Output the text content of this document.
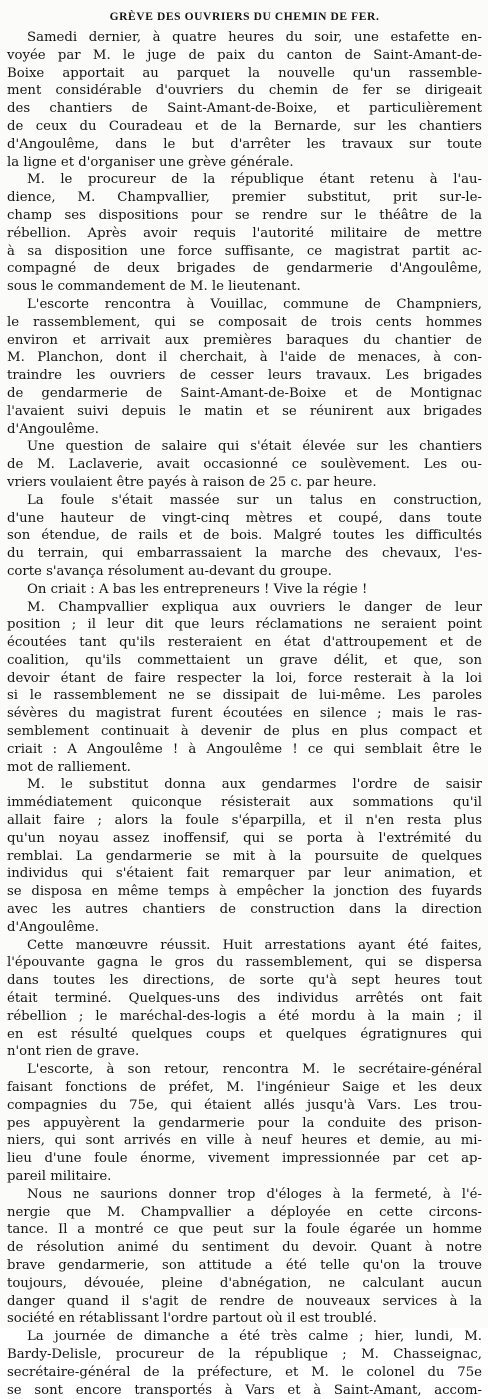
GRÈVE DES OUVRIERS DU CHEMIN DE FER.

Samedi dernier, à quatre heures du soir, une estafette en-
voyée par M. le juge de paix du canton de Saint-Amant-de-
Boixe apportait au parquet la nouvelle qu'un rassemble-
ment considérable d'ouvriers du chemin de fer se dirigeait
des chantiers de Saint-Amant-de-Boixe, et particulièrement
de ceux du Couradeau et de la Bernarde, sur les chantiers
d'Angoulême, dans le but d'arrêter les travaux sur toute
la ligne et d'organiser une grève générale.

M. le procureur de la république étant retenu à l'au-
dience, M. Champvallier, premier substitut, prit sur-le-
champ ses dispositions pour se rendre sur le théâtre de la
rébellion. Après avoir requis l'autorité militaire de mettre
à sa disposition une force suffisante, ce magistrat partit ac-
compagné de deux brigades de gendarmerie d'Angoulême,
sous le commandement de M. le lieutenant.

L'escorte rencontra à Vouillac, commune de Champniers,
le rassemblement, qui se composait de trois cents hommes
environ et arrivait aux premières baraques du chantier de
M. Planchon, dont il cherchait, à l'aide de menaces, à con-
traindre les ouvriers de cesser leurs travaux. Les brigades
de gendarmerie de Saint-Amant-de-Boixe et de Montignac
l'avaient suivi depuis le matin et se réunirent aux brigades
d'Angoulême.

Une question de salaire qui s'était élevée sur les chantiers
de M. Laclaverie, avait occasionné ce soulèvement. Les ou-
vriers voulaient être payés à raison de 25 c. par heure.

La foule s'était massée sur un talus en construction,
d'une hauteur de vingt-cinq mètres et coupé, dans toute
son étendue, de rails et de bois. Malgré toutes les difficultés
du terrain, qui embarrassaient la marche des chevaux, l'es-
corte s'avança résolument au-devant du groupe.

On criait : A bas les entrepreneurs ! Vive la régie !

M. Champvallier expliqua aux ouvriers le danger de leur
position ; il leur dit que leurs réclamations ne seraient point
écoutées tant qu'ils resteraient en état d'attroupement et de
coalition, qu'ils commettaient un grave délit, et que, son
devoir étant de faire respecter la loi, force resterait à la loi
si le rassemblement ne se dissipait de lui-même. Les paroles
sévères du magistrat furent écoutées en silence ; mais le ras-
semblement continuait à devenir de plus en plus compact et
criait : A Angoulême ! à Angoulême ! ce qui semblait être le
mot de ralliement.

M. le substitut donna aux gendarmes l'ordre de saisir
immédiatement quiconque résisterait aux sommations qu'il
allait faire ; alors la foule s'éparpilla, et il n'en resta plus
qu'un noyau assez inoffensif, qui se porta à l'extrémité du
remblai. La gendarmerie se mit à la poursuite de quelques
individus qui s'étaient fait remarquer par leur animation, et
se disposa en même temps à empêcher la jonction des fuyards
avec les autres chantiers de construction dans la direction
d'Angoulême.

Cette manœuvre réussit. Huit arrestations ayant été faites,
l'épouvante gagna le gros du rassemblement, qui se dispersa
dans toutes les directions, de sorte qu'à sept heures tout
était terminé. Quelques-uns des individus arrêtés ont fait
rébellion ; le maréchal-des-logis a été mordu à la main ; il
en est résulté quelques coups et quelques égratignures qui
n'ont rien de grave.

L'escorte, à son retour, rencontra M. le secrétaire-général
faisant fonctions de préfet, M. l'ingénieur Saige et les deux
compagnies du 75e, qui étaient allés jusqu'à Vars. Les trou-
pes appuyèrent la gendarmerie pour la conduite des prison-
niers, qui sont arrivés en ville à neuf heures et demie, au mi-
lieu d'une foule énorme, vivement impressionnée par cet ap-
pareil militaire.

Nous ne saurions donner trop d'éloges à la fermeté, à l'é-
nergie que M. Champvallier a déployée en cette circons-
tance. Il a montré ce que peut sur la foule égarée un homme
de résolution animé du sentiment du devoir. Quant à notre
brave gendarmerie, son attitude a été telle qu'on la trouve
toujours, dévouée, pleine d'abnégation, ne calculant aucun
danger quand il s'agit de rendre de nouveaux services à la
société en rétablissant l'ordre partout où il est troublé.

La journée de dimanche a été très calme ; hier, lundi, M.
Bardy-Delisle, procureur de la république ; M. Chasseignac,
secrétaire-général de la préfecture, et M. le colonel du 75e
se sont encore transportés à Vars et à Saint-Amant, accom-
